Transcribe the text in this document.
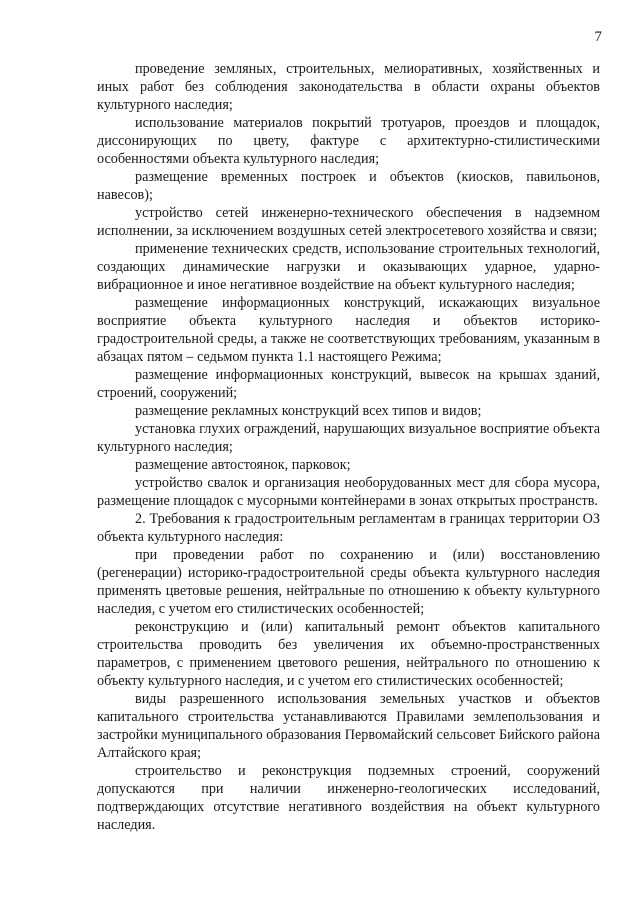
7

проведение земляных, строительных, мелиоративных, хозяйственных и иных работ без соблюдения законодательства в области охраны объектов культурного наследия;

использование материалов покрытий тротуаров, проездов и площадок, диссонирующих по цвету, фактуре с архитектурно-стилистическими особенностями объекта культурного наследия;

размещение временных построек и объектов (киосков, павильонов, навесов);

устройство сетей инженерно-технического обеспечения в надземном исполнении, за исключением воздушных сетей электросетевого хозяйства и связи;

применение технических средств, использование строительных технологий, создающих динамические нагрузки и оказывающих ударное, ударно-вибрационное и иное негативное воздействие на объект культурного наследия;

размещение информационных конструкций, искажающих визуальное восприятие объекта культурного наследия и объектов историко-градостроительной среды, а также не соответствующих требованиям, указанным в абзацах пятом – седьмом пункта 1.1 настоящего Режима;

размещение информационных конструкций, вывесок на крышах зданий, строений, сооружений;

размещение рекламных конструкций всех типов и видов;

установка глухих ограждений, нарушающих визуальное восприятие объекта культурного наследия;

размещение автостоянок, парковок;

устройство свалок и организация необорудованных мест для сбора мусора, размещение площадок с мусорными контейнерами в зонах открытых пространств.

2. Требования к градостроительным регламентам в границах территории ОЗ объекта культурного наследия:

при проведении работ по сохранению и (или) восстановлению (регенерации) историко-градостроительной среды объекта культурного наследия применять цветовые решения, нейтральные по отношению к объекту культурного наследия, с учетом его стилистических особенностей;

реконструкцию и (или) капитальный ремонт объектов капитального строительства проводить без увеличения их объемно-пространственных параметров, с применением цветового решения, нейтрального по отношению к объекту культурного наследия, и с учетом его стилистических особенностей;

виды разрешенного использования земельных участков и объектов капитального строительства устанавливаются Правилами землепользования и застройки муниципального образования Первомайский сельсовет Бийского района Алтайского края;

строительство и реконструкция подземных строений, сооружений допускаются при наличии инженерно-геологических исследований, подтверждающих отсутствие негативного воздействия на объект культурного наследия.
